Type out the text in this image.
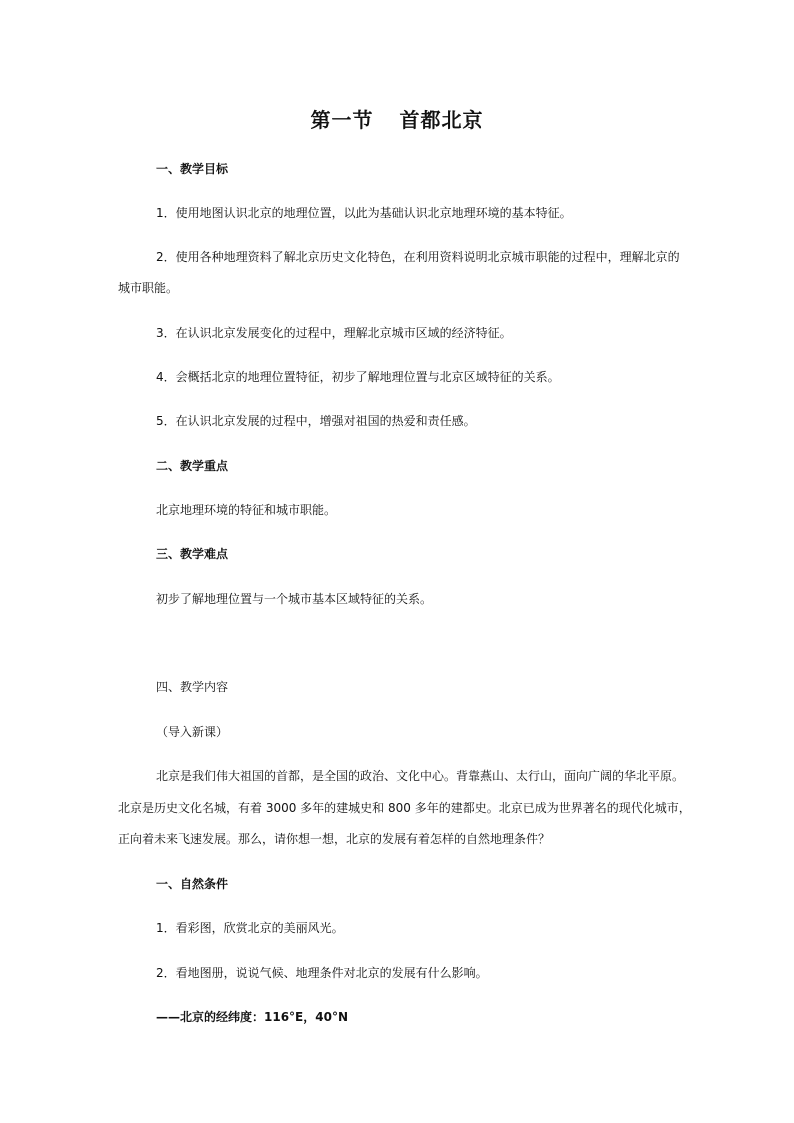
第一节 首都北京
一、教学目标
1．使用地图认识北京的地理位置，以此为基础认识北京地理环境的基本特征。
2．使用各种地理资料了解北京历史文化特色，在利用资料说明北京城市职能的过程中，理解北京的
城市职能。
3．在认识北京发展变化的过程中，理解北京城市区域的经济特征。
4．会概括北京的地理位置特征，初步了解地理位置与北京区域特征的关系。
5．在认识北京发展的过程中，增强对祖国的热爱和责任感。
二、教学重点
北京地理环境的特征和城市职能。
三、教学难点
初步了解地理位置与一个城市基本区域特征的关系。
四、教学内容
（导入新课）
北京是我们伟大祖国的首都，是全国的政治、文化中心。背靠燕山、太行山，面向广阔的华北平原。
北京是历史文化名城，有着 3000 多年的建城史和 800 多年的建都史。北京已成为世界著名的现代化城市，
正向着未来飞速发展。那么，请你想一想，北京的发展有着怎样的自然地理条件？
一、自然条件
1．看彩图，欣赏北京的美丽风光。
2．看地图册，说说气候、地理条件对北京的发展有什么影响。
——北京的经纬度：116°E，40°N
